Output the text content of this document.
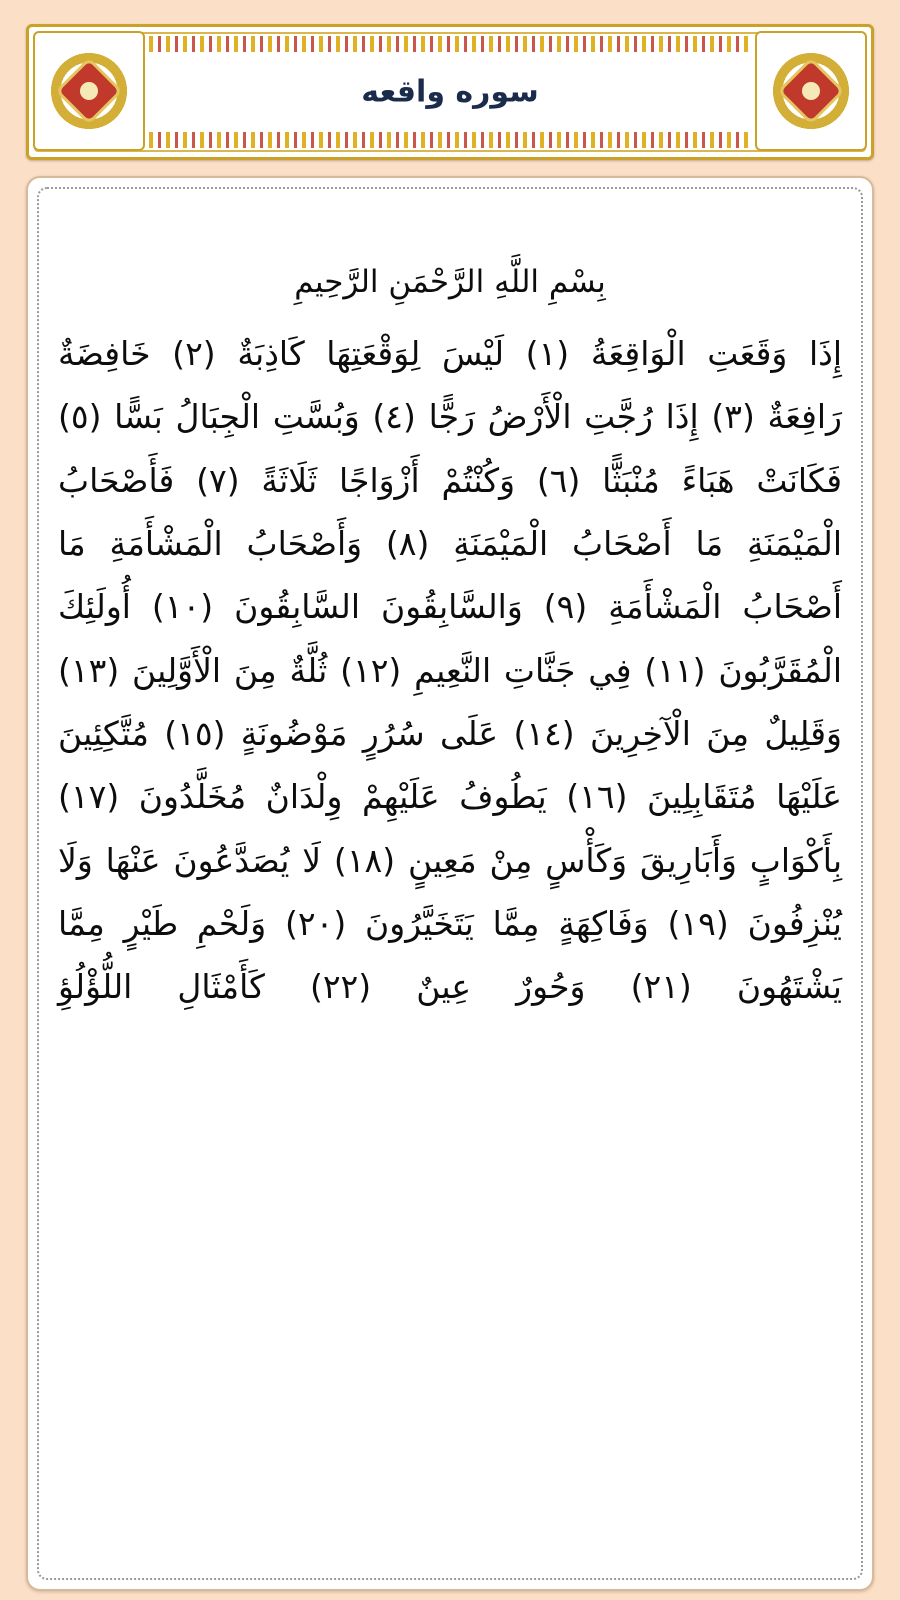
سوره واقعه
بِسْمِ اللَّهِ الرَّحْمَنِ الرَّحِيمِ
إِذَا وَقَعَتِ الْوَاقِعَةُ (١) لَيْسَ لِوَقْعَتِهَا كَاذِبَةٌ (٢) خَافِضَةٌ رَافِعَةٌ (٣) إِذَا رُجَّتِ الْأَرْضُ رَجًّا (٤) وَبُسَّتِ الْجِبَالُ بَسًّا (٥) فَكَانَتْ هَبَاءً مُنْبَثًّا (٦) وَكُنْتُمْ أَزْوَاجًا ثَلَاثَةً (٧) فَأَصْحَابُ الْمَيْمَنَةِ مَا أَصْحَابُ الْمَيْمَنَةِ (٨) وَأَصْحَابُ الْمَشْأَمَةِ مَا أَصْحَابُ الْمَشْأَمَةِ (٩) وَالسَّابِقُونَ السَّابِقُونَ (١٠) أُولَئِكَ الْمُقَرَّبُونَ (١١) فِي جَنَّاتِ النَّعِيمِ (١٢) ثُلَّةٌ مِنَ الْأَوَّلِينَ (١٣) وَقَلِيلٌ مِنَ الْآخِرِينَ (١٤) عَلَى سُرُرٍ مَوْضُونَةٍ (١٥) مُتَّكِئِينَ عَلَيْهَا مُتَقَابِلِينَ (١٦) يَطُوفُ عَلَيْهِمْ وِلْدَانٌ مُخَلَّدُونَ (١٧) بِأَكْوَابٍ وَأَبَارِيقَ وَكَأْسٍ مِنْ مَعِينٍ (١٨) لَا يُصَدَّعُونَ عَنْهَا وَلَا يُنْزِفُونَ (١٩) وَفَاكِهَةٍ مِمَّا يَتَخَيَّرُونَ (٢٠) وَلَحْمِ طَيْرٍ مِمَّا يَشْتَهُونَ (٢١) وَحُورٌ عِينٌ (٢٢) كَأَمْثَالِ اللُّؤْلُؤِ
